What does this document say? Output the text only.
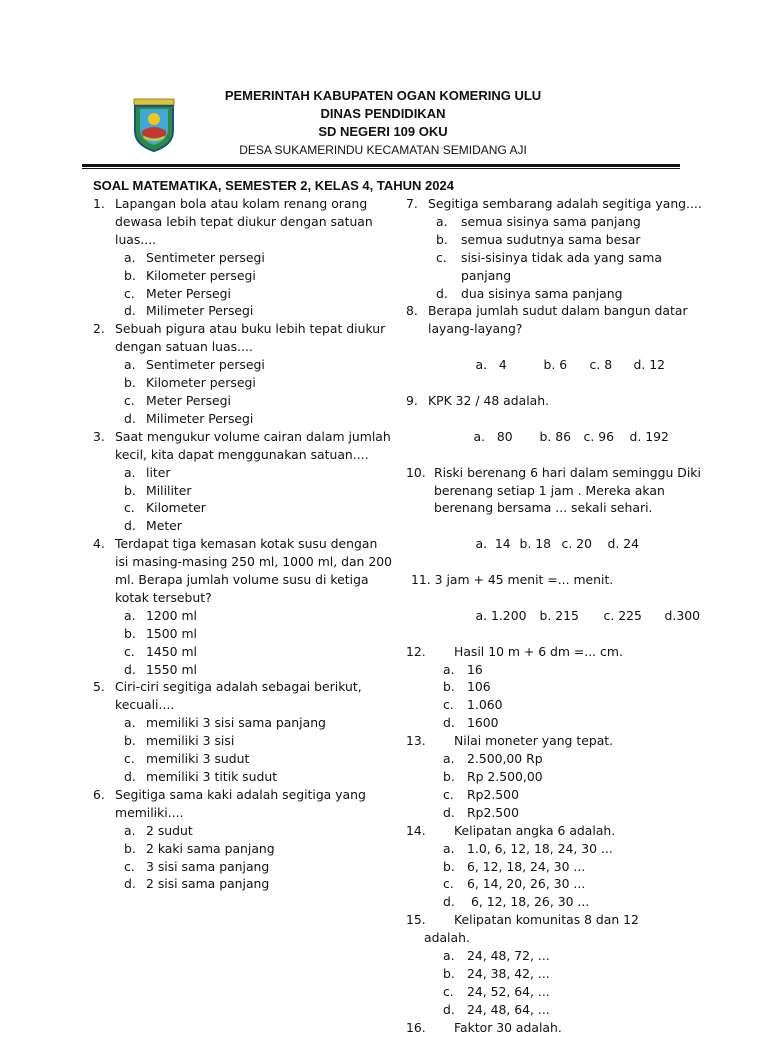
PEMERINTAH KABUPATEN OGAN KOMERING ULU
DINAS PENDIDIKAN
SD NEGERI 109 OKU
DESA SUKAMERINDU KECAMATAN SEMIDANG AJI
SOAL MATEMATIKA, SEMESTER 2, KELAS 4, TAHUN 2024
1. Lapangan bola atau kolam renang orang dewasa lebih tepat diukur dengan satuan luas....
a. Sentimeter persegi
b. Kilometer persegi
c. Meter Persegi
d. Milimeter Persegi
2. Sebuah pigura atau buku lebih tepat diukur dengan satuan luas....
a. Sentimeter persegi
b. Kilometer persegi
c. Meter Persegi
d. Milimeter Persegi
3. Saat mengukur volume cairan dalam jumlah kecil, kita dapat menggunakan satuan....
a. liter
b. Mililiter
c. Kilometer
d. Meter
4. Terdapat tiga kemasan kotak susu dengan isi masing-masing 250 ml, 1000 ml, dan 200 ml. Berapa jumlah volume susu di ketiga kotak tersebut?
a. 1200 ml
b. 1500 ml
c. 1450 ml
d. 1550 ml
5. Ciri-ciri segitiga adalah sebagai berikut, kecuali....
a. memiliki 3 sisi sama panjang
b. memiliki 3 sisi
c. memiliki 3 sudut
d. memiliki 3 titik sudut
6. Segitiga sama kaki adalah segitiga yang memiliki....
a. 2 sudut
b. 2 kaki sama panjang
c. 3 sisi sama panjang
d. 2 sisi sama panjang
7. Segitiga sembarang adalah segitiga yang....
a. semua sisinya sama panjang
b. semua sudutnya sama besar
c. sisi-sisinya tidak ada yang sama panjang
d. dua sisinya sama panjang
8. Berapa jumlah sudut dalam bangun datar layang-layang?

a.   4	b. 6 c. 8 d. 12

9. KPK 32 / 48 adalah.

a.   80 b. 86 c. 96 d. 192

10. Riski berenang 6 hari dalam seminggu Diki berenang setiap 1 jam . Mereka akan berenang bersama ... sekali sehari.

a.  14 b. 18 c. 20 d. 24

11. 3 jam + 45 menit =... menit.

a. 1.200 b. 215 c. 225 d.300

12. Hasil 10 m + 6 dm =... cm.
a. 16
b. 106
c. 1.060
d. 1600
13. Nilai moneter yang tepat.
a. 2.500,00 Rp
b. Rp 2.500,00
c. Rp2.500
d. Rp2.500
14. Kelipatan angka 6 adalah.
a. 1.0, 6, 12, 18, 24, 30 ...
b. 6, 12, 18, 24, 30 ...
c. 6, 14, 20, 26, 30 ...
d. 6, 12, 18, 26, 30 ...
15. Kelipatan komunitas 8 dan 12
adalah.
a. 24, 48, 72, ...
b. 24, 38, 42, ...
c. 24, 52, 64, ...
d. 24, 48, 64, ...
16. Faktor 30 adalah.
